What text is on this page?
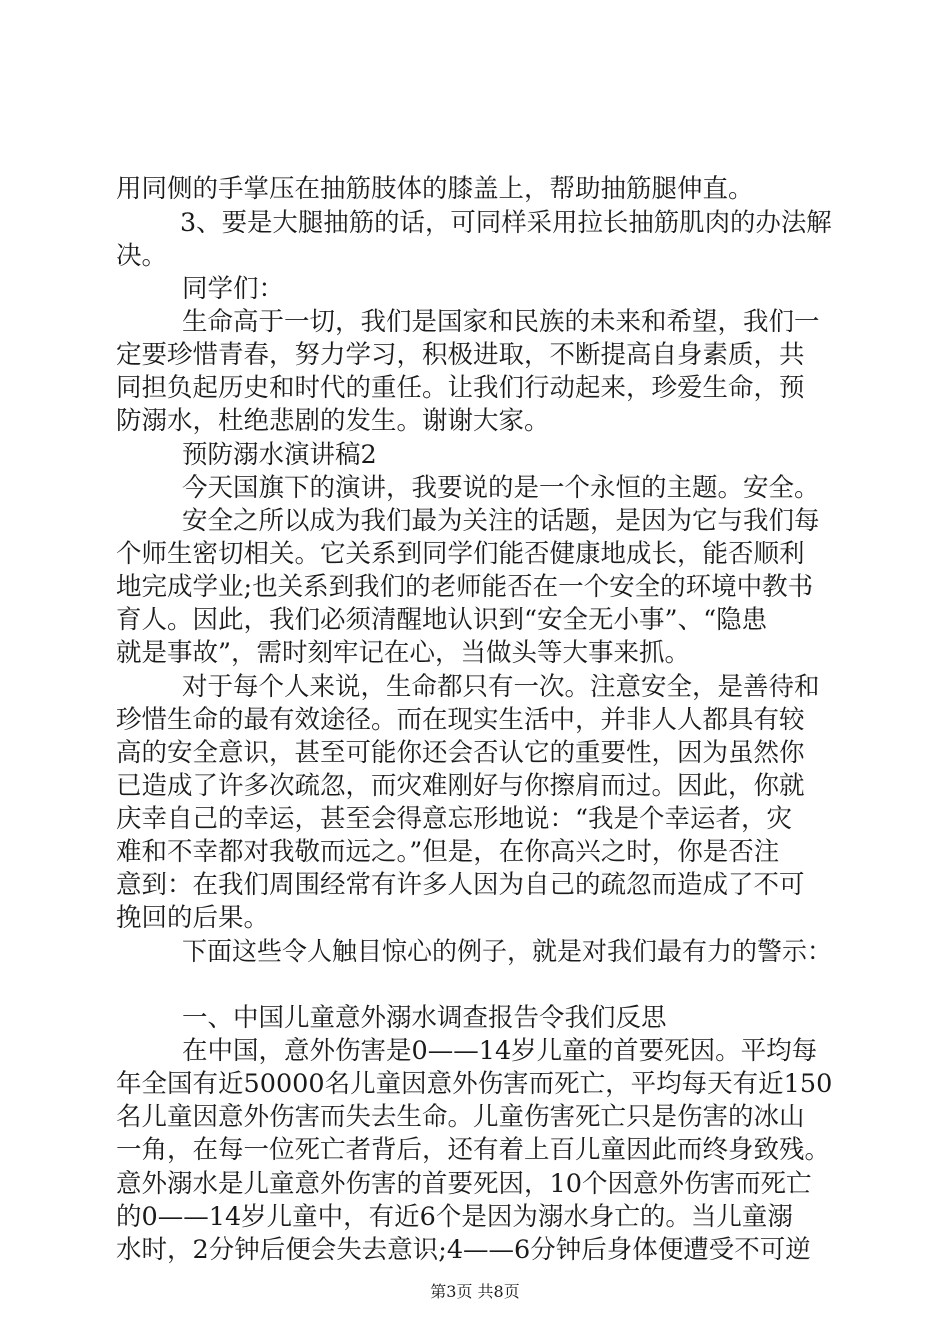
用同侧的手掌压在抽筋肢体的膝盖上，帮助抽筋腿伸直。
3、要是大腿抽筋的话，可同样采用拉长抽筋肌肉的办法解
决。
同学们：
生命高于一切，我们是国家和民族的未来和希望，我们一
定要珍惜青春，努力学习，积极进取，不断提高自身素质，共
同担负起历史和时代的重任。让我们行动起来，珍爱生命，预
防溺水，杜绝悲剧的发生。谢谢大家。
预防溺水演讲稿2
今天国旗下的演讲，我要说的是一个永恒的主题。安全。
安全之所以成为我们最为关注的话题，是因为它与我们每
个师生密切相关。它关系到同学们能否健康地成长，能否顺利
地完成学业;也关系到我们的老师能否在一个安全的环境中教书
育人。因此，我们必须清醒地认识到“安全无小事”、“隐患
就是事故”，需时刻牢记在心，当做头等大事来抓。
对于每个人来说，生命都只有一次。注意安全，是善待和
珍惜生命的最有效途径。而在现实生活中，并非人人都具有较
高的安全意识，甚至可能你还会否认它的重要性，因为虽然你
已造成了许多次疏忽，而灾难刚好与你擦肩而过。因此，你就
庆幸自己的幸运，甚至会得意忘形地说：“我是个幸运者，灾
难和不幸都对我敬而远之。”但是，在你高兴之时，你是否注
意到：在我们周围经常有许多人因为自己的疏忽而造成了不可
挽回的后果。
下面这些令人触目惊心的例子，就是对我们最有力的警示：
一、中国儿童意外溺水调查报告令我们反思
在中国，意外伤害是0——14岁儿童的首要死因。平均每
年全国有近50000名儿童因意外伤害而死亡，平均每天有近150
名儿童因意外伤害而失去生命。儿童伤害死亡只是伤害的冰山
一角，在每一位死亡者背后，还有着上百儿童因此而终身致残。
意外溺水是儿童意外伤害的首要死因，10个因意外伤害而死亡
的0——14岁儿童中，有近6个是因为溺水身亡的。当儿童溺
水时，2分钟后便会失去意识;4——6分钟后身体便遭受不可逆
第3页 共8页
